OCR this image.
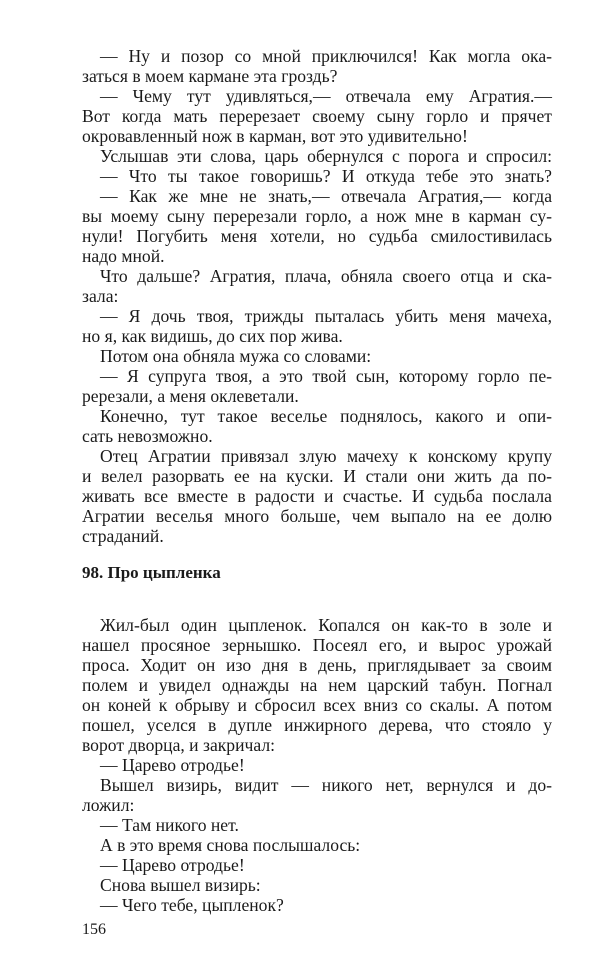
— Ну и позор со мной приключился! Как могла ока-
заться в моем кармане эта гроздь?
— Чему тут удивляться,— отвечала ему Агратия.—
Вот когда мать перерезает своему сыну горло и прячет
окровавленный нож в карман, вот это удивительно!
Услышав эти слова, царь обернулся с порога и спросил:
— Что ты такое говоришь? И откуда тебе это знать?
— Как же мне не знать,— отвечала Агратия,— когда
вы моему сыну перерезали горло, а нож мне в карман су-
нули! Погубить меня хотели, но судьба смилостивилась
надо мной.
Что дальше? Агратия, плача, обняла своего отца и ска-
зала:
— Я дочь твоя, трижды пыталась убить меня мачеха,
но я, как видишь, до сих пор жива.
Потом она обняла мужа со словами:
— Я супруга твоя, а это твой сын, которому горло пе-
ререзали, а меня оклеветали.
Конечно, тут такое веселье поднялось, какого и опи-
сать невозможно.
Отец Агратии привязал злую мачеху к конскому крупу
и велел разорвать ее на куски. И стали они жить да по-
живать все вместе в радости и счастье. И судьба послала
Агратии веселья много больше, чем выпало на ее долю
страданий.
98. Про цыпленка
Жил-был один цыпленок. Копался он как-то в золе и
нашел просяное зернышко. Посеял его, и вырос урожай
проса. Ходит он изо дня в день, приглядывает за своим
полем и увидел однажды на нем царский табун. Погнал
он коней к обрыву и сбросил всех вниз со скалы. А потом
пошел, уселся в дупле инжирного дерева, что стояло у
ворот дворца, и закричал:
— Царево отродье!
Вышел визирь, видит — никого нет, вернулся и до-
ложил:
— Там никого нет.
А в это время снова послышалось:
— Царево отродье!
Снова вышел визирь:
— Чего тебе, цыпленок?
156
